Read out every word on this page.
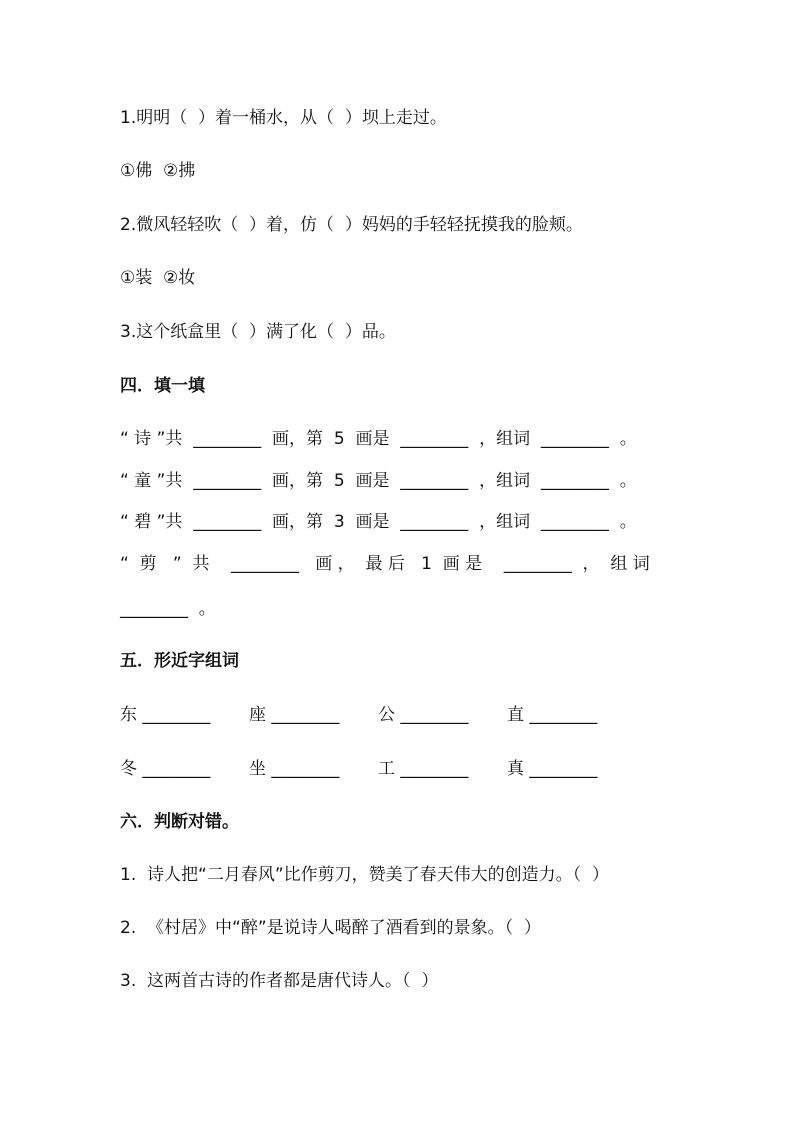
1.明明（  ）着一桶水，从（  ）坝上走过。
①佛  ②拂
2.微风轻轻吹（  ）着，仿（  ）妈妈的手轻轻抚摸我的脸颊。
①装  ②妆
3.这个纸盒里（  ）满了化（  ）品。
四．填一填
“ 诗 ”共  ________  画，第  5  画是  ________  ，组词  ________  。
“ 童 ”共  ________  画，第  5  画是  ________  ，组词  ________  。
“ 碧 ”共  ________  画，第  3  画是  ________  ，组词  ________  。
“  剪   ”  共    ________   画 ，  最 后   1  画 是    ________  ，  组 词
________  。
五．形近字组词
东 ________ 座 ________ 公 ________ 直 ________
冬 ________ 坐 ________ 工 ________ 真 ________
六．判断对错。
1.  诗人把“二月春风”比作剪刀，赞美了春天伟大的创造力。（  ）
2.  《村居》中“醉”是说诗人喝醉了酒看到的景象。（  ）
3.  这两首古诗的作者都是唐代诗人。（  ）
